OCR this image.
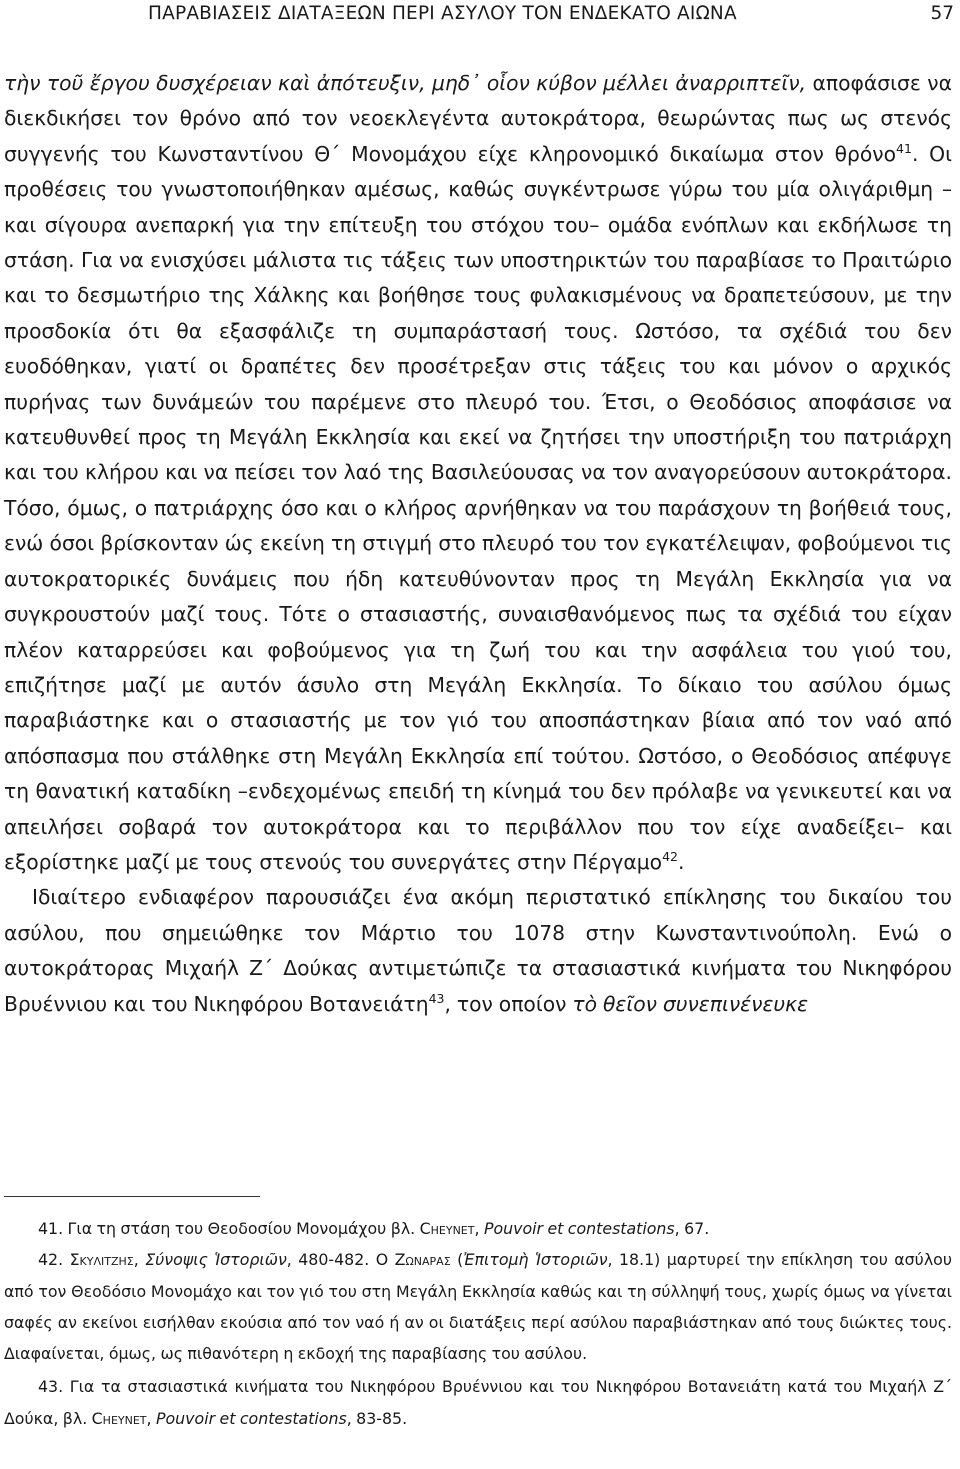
ΠΑΡΑΒΙΑΣΕΙΣ ΔΙΑΤΑΞΕΩΝ ΠΕΡΙ ΑΣΥΛΟΥ ΤΟΝ ΕΝΔΕΚΑΤΟ ΑΙΩΝΑ	57

τὴν τοῦ ἔργου δυσχέρειαν καὶ ἀπότευξιν, μηδ᾽ οἷον κύβον μέλλει ἀναρριπτεῖν, αποφάσισε να διεκδικήσει τον θρόνο από τον νεοεκλεγέντα αυτοκράτορα, θεωρώντας πως ως στενός συγγενής του Κωνσταντίνου Θ΄ Μονομάχου είχε κληρονομικό δικαίωμα στον θρόνο$^{41}$. Οι προθέσεις του γνωστοποιήθηκαν αμέσως, καθώς συγκέντρωσε γύρω του μία ολιγάριθμη –και σίγουρα ανεπαρκή για την επίτευξη του στόχου του– ομάδα ενόπλων και εκδήλωσε τη στάση. Για να ενισχύσει μάλιστα τις τάξεις των υποστηρικτών του παραβίασε το Πραιτώριο και το δεσμωτήριο της Χάλκης και βοήθησε τους φυλακισμένους να δραπετεύσουν, με την προσδοκία ότι θα εξασφάλιζε τη συμπαράστασή τους. Ωστόσο, τα σχέδιά του δεν ευοδόθηκαν, γιατί οι δραπέτες δεν προσέτρεξαν στις τάξεις του και μόνον ο αρχικός πυρήνας των δυνάμεών του παρέμενε στο πλευρό του. Έτσι, ο Θεοδόσιος αποφάσισε να κατευθυνθεί προς τη Μεγάλη Εκκλησία και εκεί να ζητήσει την υποστήριξη του πατριάρχη και του κλήρου και να πείσει τον λαό της Βασιλεύουσας να τον αναγορεύσουν αυτοκράτορα. Τόσο, όμως, ο πατριάρχης όσο και ο κλήρος αρνήθηκαν να του παράσχουν τη βοήθειά τους, ενώ όσοι βρίσκονταν ώς εκείνη τη στιγμή στο πλευρό του τον εγκατέλειψαν, φοβούμενοι τις αυτοκρατορικές δυνάμεις που ήδη κατευθύνονταν προς τη Μεγάλη Εκκλησία για να συγκρουστούν μαζί τους. Τότε ο στασιαστής, συναισθανόμενος πως τα σχέδιά του είχαν πλέον καταρρεύσει και φοβούμενος για τη ζωή του και την ασφάλεια του γιού του, επιζήτησε μαζί με αυτόν άσυλο στη Μεγάλη Εκκλησία. Το δίκαιο του ασύλου όμως παραβιάστηκε και ο στασιαστής με τον γιό του αποσπάστηκαν βίαια από τον ναό από απόσπασμα που στάλθηκε στη Μεγάλη Εκκλησία επί τούτου. Ωστόσο, ο Θεοδόσιος απέφυγε τη θανατική καταδίκη –ενδεχομένως επειδή τη κίνημά του δεν πρόλαβε να γενικευτεί και να απειλήσει σοβαρά τον αυτοκράτορα και το περιβάλλον που τον είχε αναδείξει– και εξορίστηκε μαζί με τους στενούς του συνεργάτες στην Πέργαμο$^{42}$.

Ιδιαίτερο ενδιαφέρον παρουσιάζει ένα ακόμη περιστατικό επίκλησης του δικαίου του ασύλου, που σημειώθηκε τον Μάρτιο του 1078 στην Κωνσταντινούπολη. Ενώ ο αυτοκράτορας Μιχαήλ Ζ΄ Δούκας αντιμετώπιζε τα στασιαστικά κινήματα του Νικηφόρου Βρυέννιου και του Νικηφόρου Βοτανειάτη$^{43}$, τον οποίον τὸ θεῖον συνεπινένευκε

41. Για τη στάση του Θεοδοσίου Μονομάχου βλ. Cheynet, Pouvoir et contestations, 67.

42. Σκυλιτζης, Σύνοψις Ἱστοριῶν, 480-482. Ο Ζωναρας (Ἐπιτομὴ Ἱστοριῶν, 18.1) μαρτυρεί την επίκληση του ασύλου από τον Θεοδόσιο Μονομάχο και τον γιό του στη Μεγάλη Εκκλησία καθώς και τη σύλληψή τους, χωρίς όμως να γίνεται σαφές αν εκείνοι εισήλθαν εκούσια από τον ναό ή αν οι διατάξεις περί ασύλου παραβιάστηκαν από τους διώκτες τους. Διαφαίνεται, όμως, ως πιθανότερη η εκδοχή της παραβίασης του ασύλου.

43. Για τα στασιαστικά κινήματα του Νικηφόρου Βρυέννιου και του Νικηφόρου Βοτανειάτη κατά του Μιχαήλ Ζ΄ Δούκα, βλ. Cheynet, Pouvoir et contestations, 83-85.
